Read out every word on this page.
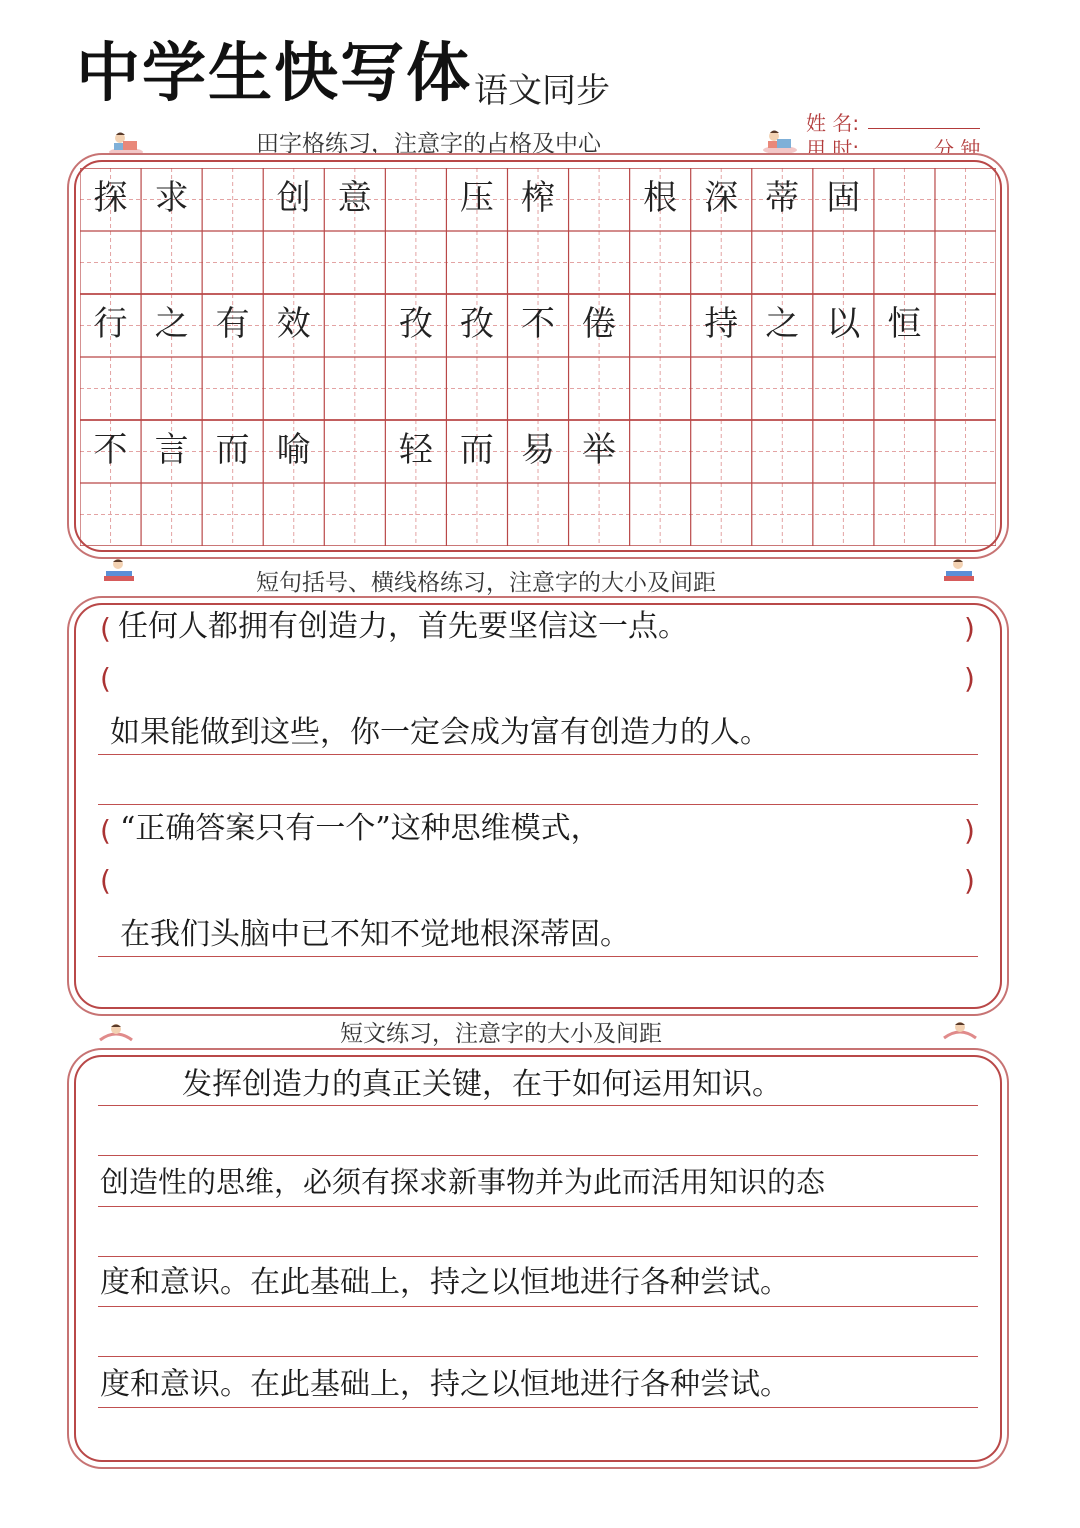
中学生快写体 语文同步
姓 名:
用 时:	分 钟
田字格练习，注意字的占格及中心
探 求	创 意	压 榨	根 深 蒂 固
行 之 有 效	孜 孜 不 倦	持 之 以 恒
不 言 而 喻	轻 而 易 举
短句括号、横线格练习，注意字的大小及间距
(	)
任何人都拥有创造力，首先要坚信这一点。
(	)
如果能做到这些，你一定会成为富有创造力的人。
(	)
“正确答案只有一个”这种思维模式，
(	)
在我们头脑中已不知不觉地根深蒂固。
短文练习，注意字的大小及间距
发挥创造力的真正关键，在于如何运用知识。
创造性的思维，必须有探求新事物并为此而活用知识的态
度和意识。在此基础上，持之以恒地进行各种尝试。
度和意识。在此基础上，持之以恒地进行各种尝试。
